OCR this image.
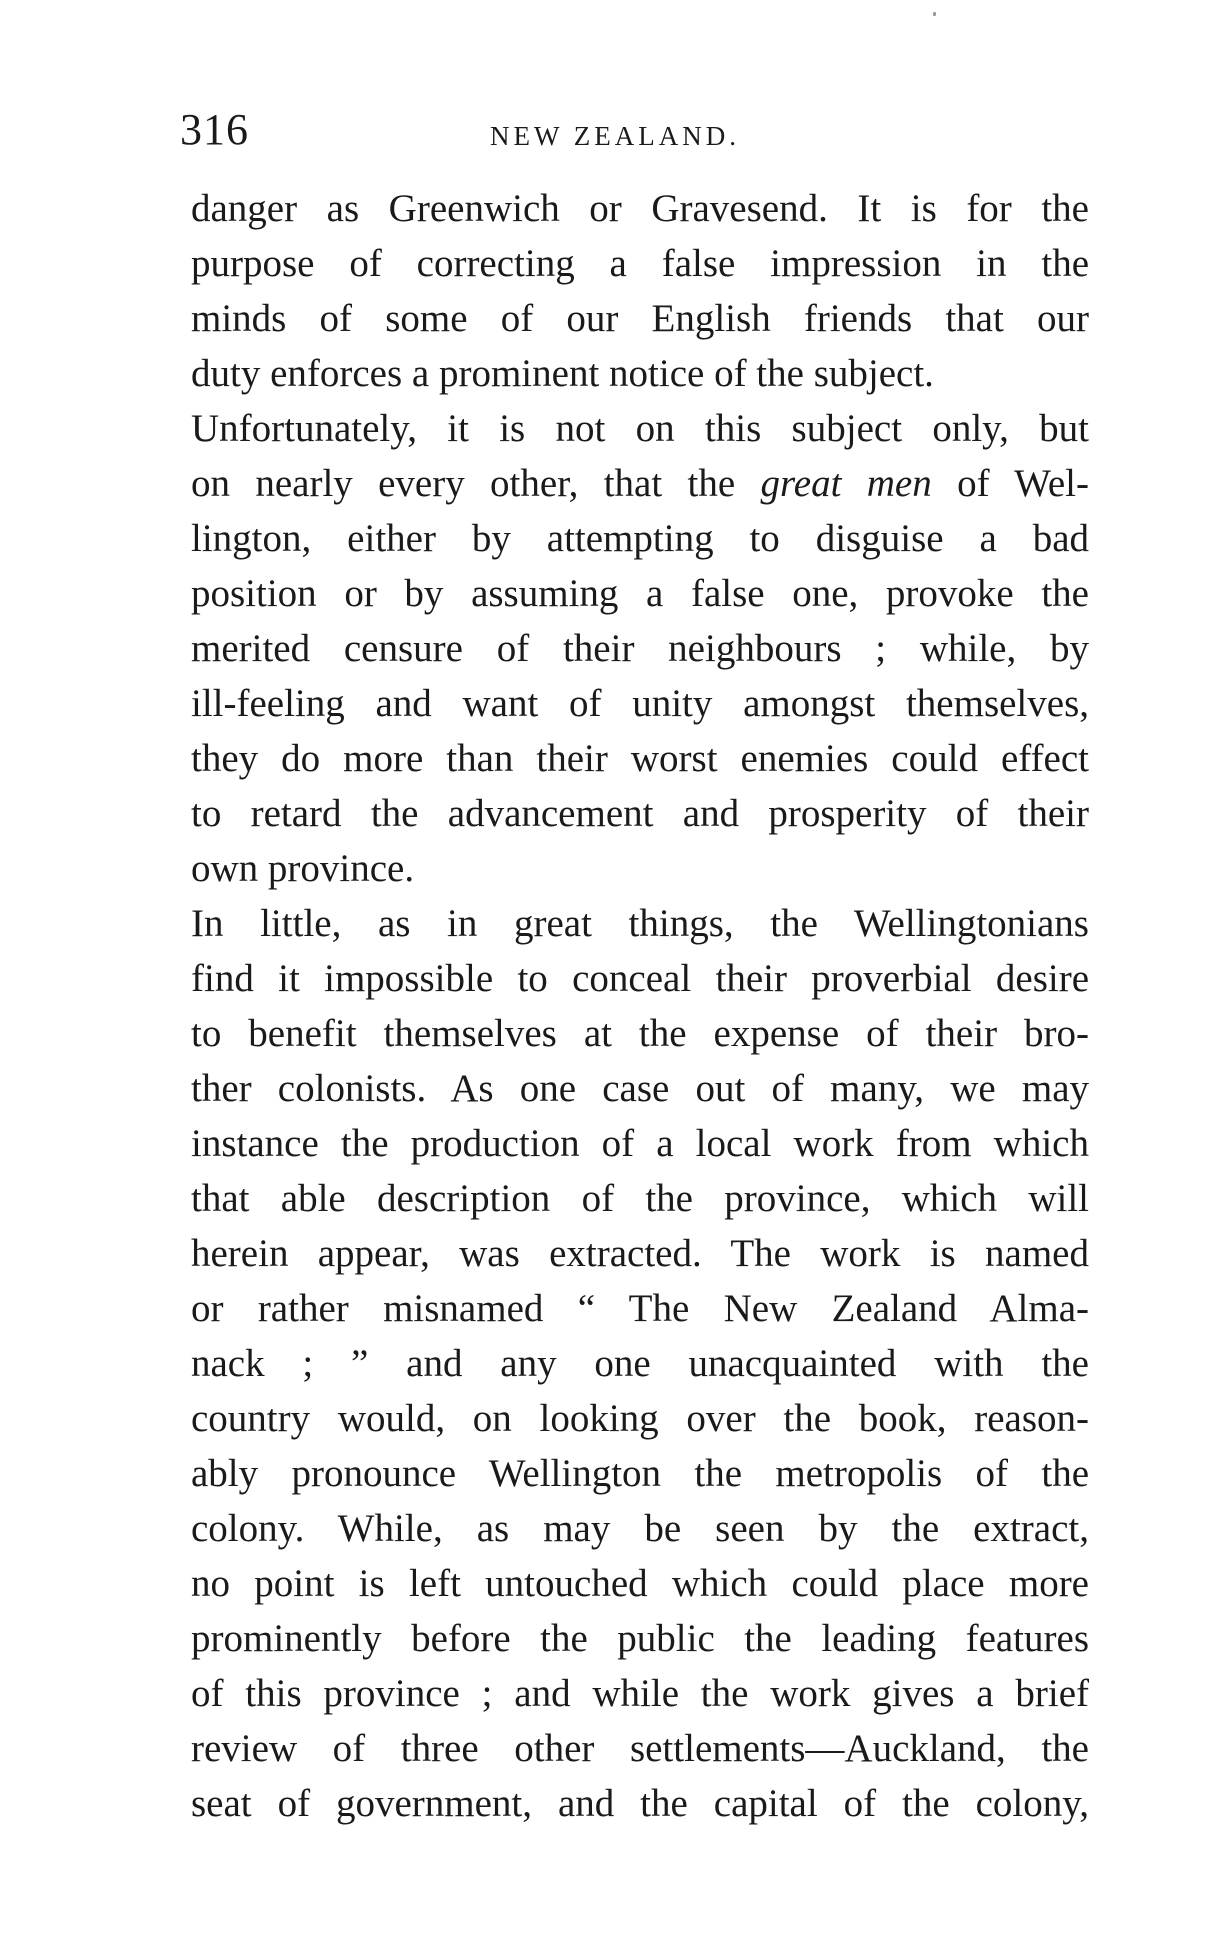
316	NEW ZEALAND.
danger as Greenwich or Gravesend. It is for the
purpose of correcting a false impression in the
minds of some of our English friends that our
duty enforces a prominent notice of the subject.
Unfortunately, it is not on this subject only, but
on nearly every other, that the great men of Wel-
lington, either by attempting to disguise a bad
position or by assuming a false one, provoke the
merited censure of their neighbours ; while, by
ill-feeling and want of unity amongst themselves,
they do more than their worst enemies could effect
to retard the advancement and prosperity of their
own province.
In little, as in great things, the Wellingtonians
find it impossible to conceal their proverbial desire
to benefit themselves at the expense of their bro-
ther colonists. As one case out of many, we may
instance the production of a local work from which
that able description of the province, which will
herein appear, was extracted. The work is named
or rather misnamed “ The New Zealand Alma-
nack ; ” and any one unacquainted with the
country would, on looking over the book, reason-
ably pronounce Wellington the metropolis of the
colony. While, as may be seen by the extract,
no point is left untouched which could place more
prominently before the public the leading features
of this province ; and while the work gives a brief
review of three other settlements—Auckland, the
seat of government, and the capital of the colony,
